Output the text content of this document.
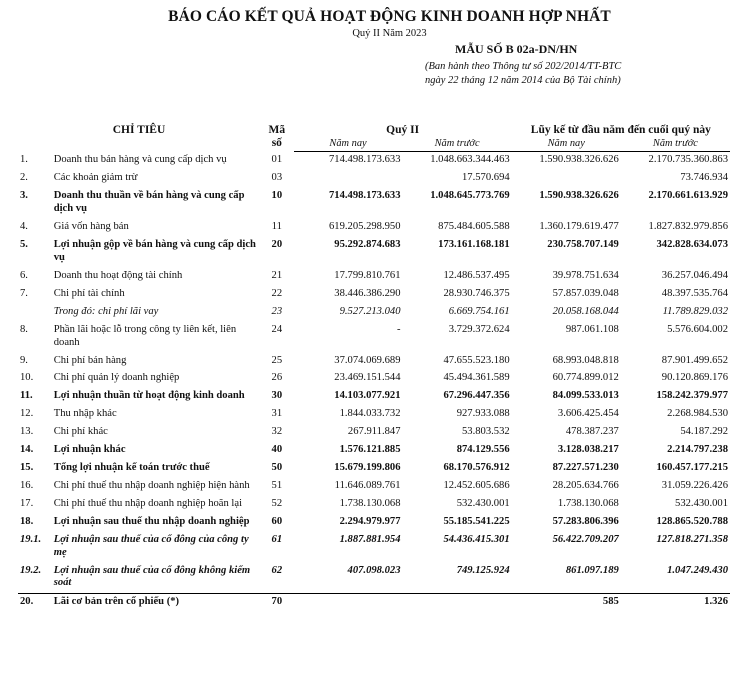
BÁO CÁO KẾT QUẢ HOẠT ĐỘNG KINH DOANH HỢP NHẤT
Quý II Năm 2023
MẪU SỐ B 02a-DN/HN
(Ban hành theo Thông tư số 202/2014/TT-BTC
ngày 22 tháng 12 năm 2014 của Bộ Tài chính)
CHỈ TIÊU		Mã
số	Quý II		Lũy kế từ đầu năm đến cuối quý này	
			Năm nay	Năm trước	Năm nay	Năm trước
1.	Doanh thu bán hàng và cung cấp dịch vụ	01	714.498.173.633	1.048.663.344.463	1.590.938.326.626	2.170.735.360.863
2.	Các khoản giảm trừ	03		17.570.694		73.746.934
3.	Doanh thu thuần về bán hàng và cung cấp dịch vụ	10	714.498.173.633	1.048.645.773.769	1.590.938.326.626	2.170.661.613.929
4.	Giá vốn hàng bán	11	619.205.298.950	875.484.605.588	1.360.179.619.477	1.827.832.979.856
5.	Lợi nhuận gộp về bán hàng và cung cấp dịch vụ	20	95.292.874.683	173.161.168.181	230.758.707.149	342.828.634.073
6.	Doanh thu hoạt động tài chính	21	17.799.810.761	12.486.537.495	39.978.751.634	36.257.046.494
7.	Chi phí tài chính	22	38.446.386.290	28.930.746.375	57.857.039.048	48.397.535.764
	Trong đó: chi phí lãi vay	23	9.527.213.040	6.669.754.161	20.058.168.044	11.789.829.032
8.	Phần lãi hoặc lỗ trong công ty liên kết, liên doanh	24	-	3.729.372.624	987.061.108	5.576.604.002
9.	Chi phí bán hàng	25	37.074.069.689	47.655.523.180	68.993.048.818	87.901.499.652
10.	Chi phí quản lý doanh nghiệp	26	23.469.151.544	45.494.361.589	60.774.899.012	90.120.869.176
11.	Lợi nhuận thuần từ hoạt động kinh doanh	30	14.103.077.921	67.296.447.356	84.099.533.013	158.242.379.977
12.	Thu nhập khác	31	1.844.033.732	927.933.088	3.606.425.454	2.268.984.530
13.	Chi phí khác	32	267.911.847	53.803.532	478.387.237	54.187.292
14.	Lợi nhuận khác	40	1.576.121.885	874.129.556	3.128.038.217	2.214.797.238
15.	Tổng lợi nhuận kế toán trước thuế	50	15.679.199.806	68.170.576.912	87.227.571.230	160.457.177.215
16.	Chi phí thuế thu nhập doanh nghiệp hiện hành	51	11.646.089.761	12.452.605.686	28.205.634.766	31.059.226.426
17.	Chi phí thuế thu nhập doanh nghiệp hoãn lại	52	1.738.130.068	532.430.001	1.738.130.068	532.430.001
18.	Lợi nhuận sau thuế thu nhập doanh nghiệp	60	2.294.979.977	55.185.541.225	57.283.806.396	128.865.520.788
19.1.	Lợi nhuận sau thuế của cổ đông của công ty mẹ	61	1.887.881.954	54.436.415.301	56.422.709.207	127.818.271.358
19.2.	Lợi nhuận sau thuế của cổ đông không kiểm soát	62	407.098.023	749.125.924	861.097.189	1.047.249.430
20.	Lãi cơ bản trên cổ phiếu (*)	70			585	1.326
